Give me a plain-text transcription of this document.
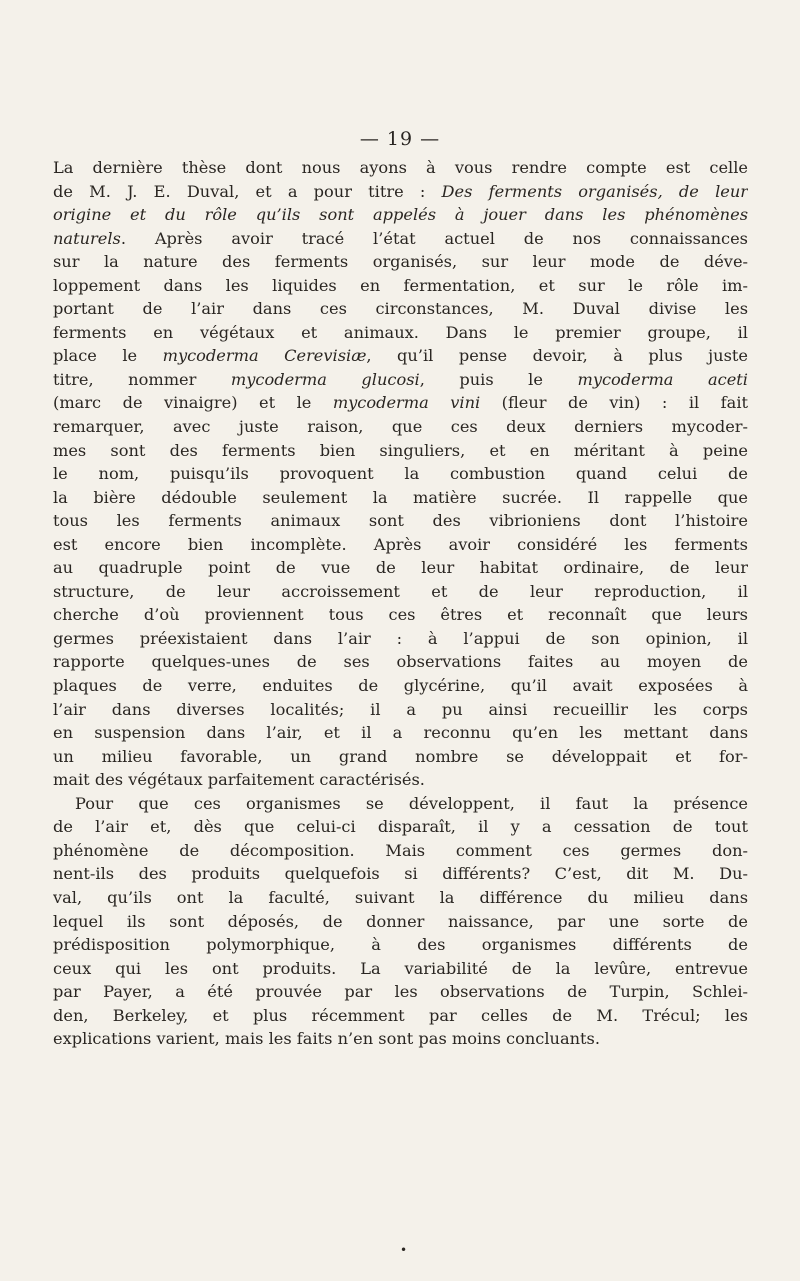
— 19 —
La dernière thèse dont nous ayons à vous rendre compte est celle
de M. J. E. Duval, et a pour titre : Des ferments organisés, de leur
origine et du rôle qu’ils sont appelés à jouer dans les phénomènes
naturels. Après avoir tracé l’état actuel de nos connaissances
sur la nature des ferments organisés, sur leur mode de déve-
loppement dans les liquides en fermentation, et sur le rôle im-
portant de l’air dans ces circonstances, M. Duval divise les
ferments en végétaux et animaux. Dans le premier groupe, il
place le mycoderma Cerevisiæ, qu’il pense devoir, à plus juste
titre, nommer mycoderma glucosi, puis le mycoderma aceti
(marc de vinaigre) et le mycoderma vini (fleur de vin) : il fait
remarquer, avec juste raison, que ces deux derniers mycoder-
mes sont des ferments bien singuliers, et en méritant à peine
le nom, puisqu’ils provoquent la combustion quand celui de
la bière dédouble seulement la matière sucrée. Il rappelle que
tous les ferments animaux sont des vibrioniens dont l’histoire
est encore bien incomplète. Après avoir considéré les ferments
au quadruple point de vue de leur habitat ordinaire, de leur
structure, de leur accroissement et de leur reproduction, il
cherche d’où proviennent tous ces êtres et reconnaît que leurs
germes préexistaient dans l’air : à l’appui de son opinion, il
rapporte quelques-unes de ses observations faites au moyen de
plaques de verre, enduites de glycérine, qu’il avait exposées à
l’air dans diverses localités; il a pu ainsi recueillir les corps
en suspension dans l’air, et il a reconnu qu’en les mettant dans
un milieu favorable, un grand nombre se développait et for-
mait des végétaux parfaitement caractérisés.
Pour que ces organismes se développent, il faut la présence
de l’air et, dès que celui-ci disparaît, il y a cessation de tout
phénomène de décomposition. Mais comment ces germes don-
nent-ils des produits quelquefois si différents? C’est, dit M. Du-
val, qu’ils ont la faculté, suivant la différence du milieu dans
lequel ils sont déposés, de donner naissance, par une sorte de
prédisposition polymorphique, à des organismes différents de
ceux qui les ont produits. La variabilité de la levûre, entrevue
par Payer, a été prouvée par les observations de Turpin, Schlei-
den, Berkeley, et plus récemment par celles de M. Trécul; les
explications varient, mais les faits n’en sont pas moins concluants.
•
